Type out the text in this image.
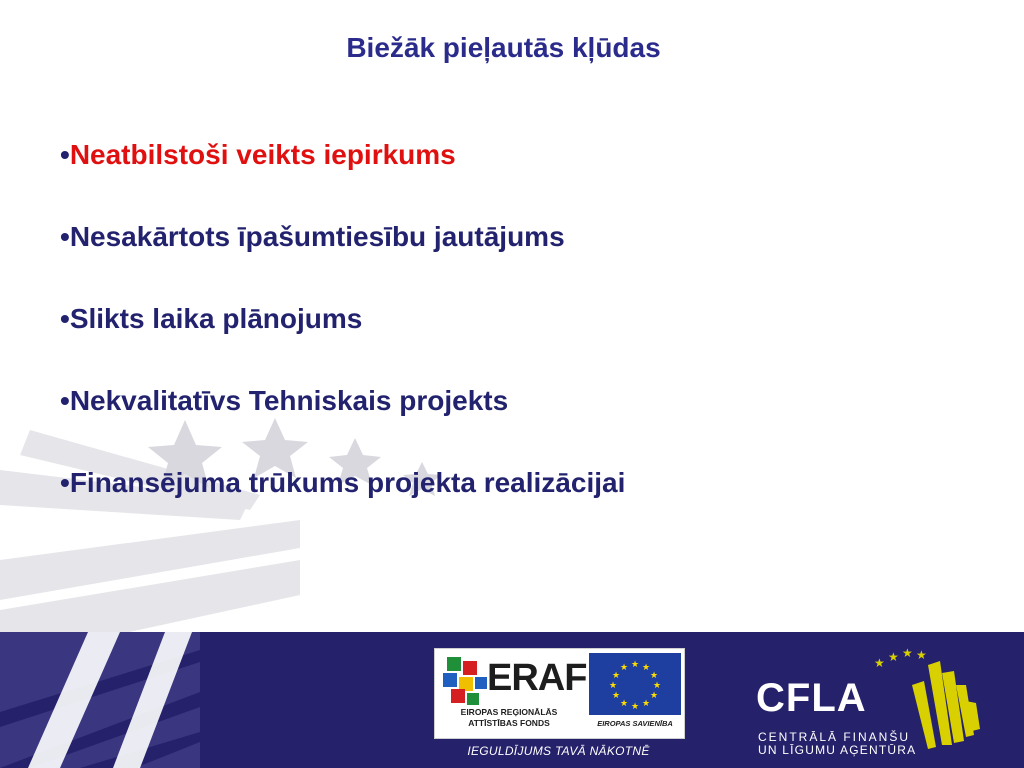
Biežāk pieļautās kļūdas
•Neatbilstoši veikts iepirkums
•Nesakārtots īpašumtiesību jautājums
•Slikts laika plānojums
•Nekvalitatīvs Tehniskais projekts
•Finansējuma trūkums projekta realizācijai
ERAF
EIROPAS REĢIONĀLĀS ATTĪSTĪBAS FONDS
★ ★
★
★
★
★
★
★
★
★
★
★
EIROPAS SAVIENĪBA
IEGULDĪJUMS TAVĀ NĀKOTNĒ
★ ★ ★ ★
CFLA
CENTRĀLĀ FINANŠU
UN LĪGUMU AĢENTŪRA
